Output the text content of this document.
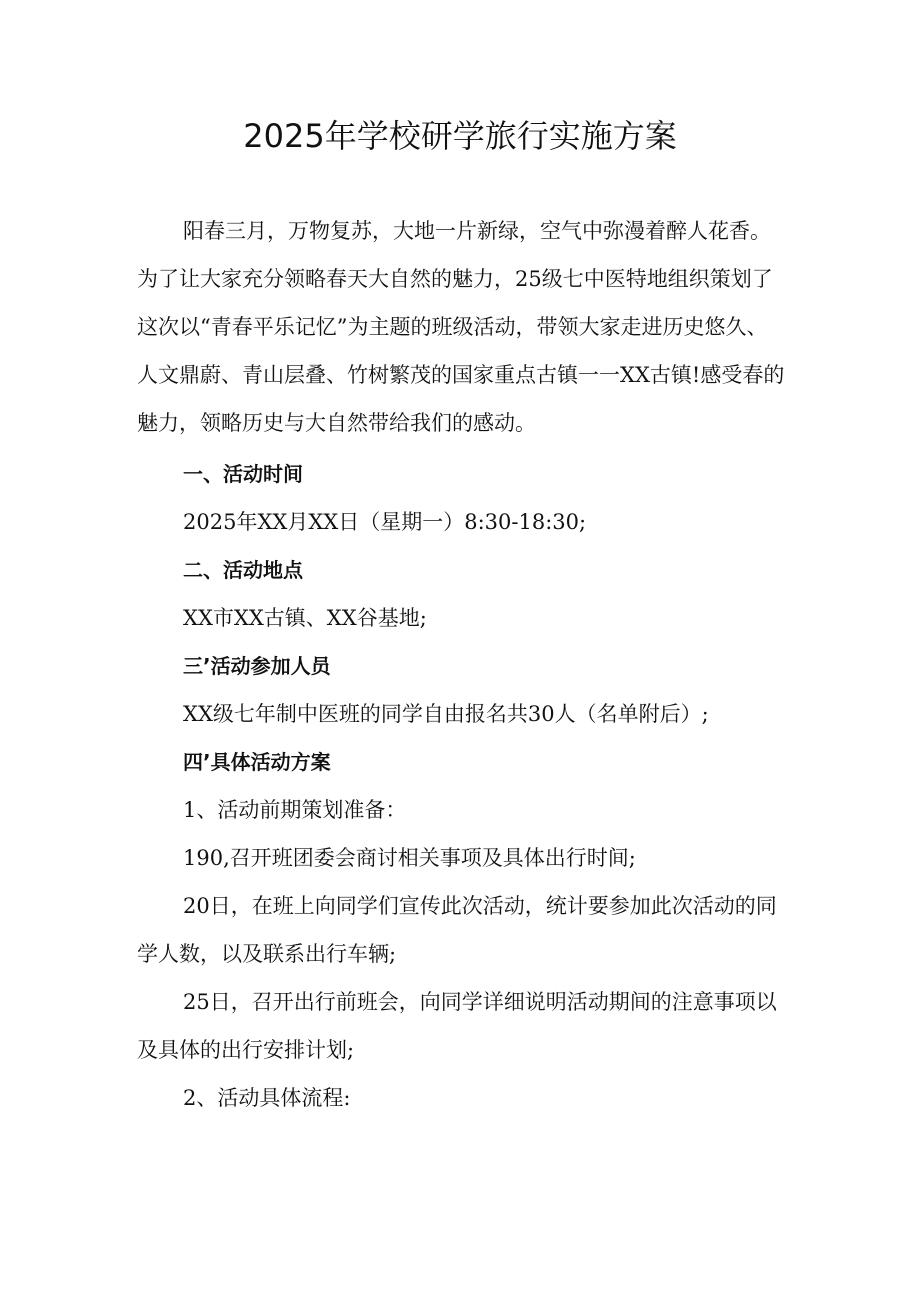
2025年学校研学旅行实施方案
阳春三月，万物复苏，大地一片新绿，空气中弥漫着醉人花香。
为了让大家充分领略春天大自然的魅力，25级七中医特地组织策划了
这次以“青春平乐记忆”为主题的班级活动，带领大家走进历史悠久、
人文鼎蔚、青山层叠、竹树繁茂的国家重点古镇一一XX古镇!感受春的
魅力，领略历史与大自然带给我们的感动。
一、活动时间
2025年XX月XX日（星期一）8:30-18:30;
二、活动地点
XX市XX古镇、XX谷基地;
三’活动参加人员
XX级七年制中医班的同学自由报名共30人（名单附后）;
四’具体活动方案
1、活动前期策划准备：
190,召开班团委会商讨相关事项及具体出行时间;
20日，在班上向同学们宣传此次活动，统计要参加此次活动的同
学人数，以及联系出行车辆;
25日，召开出行前班会，向同学详细说明活动期间的注意事项以
及具体的出行安排计划;
2、活动具体流程:
